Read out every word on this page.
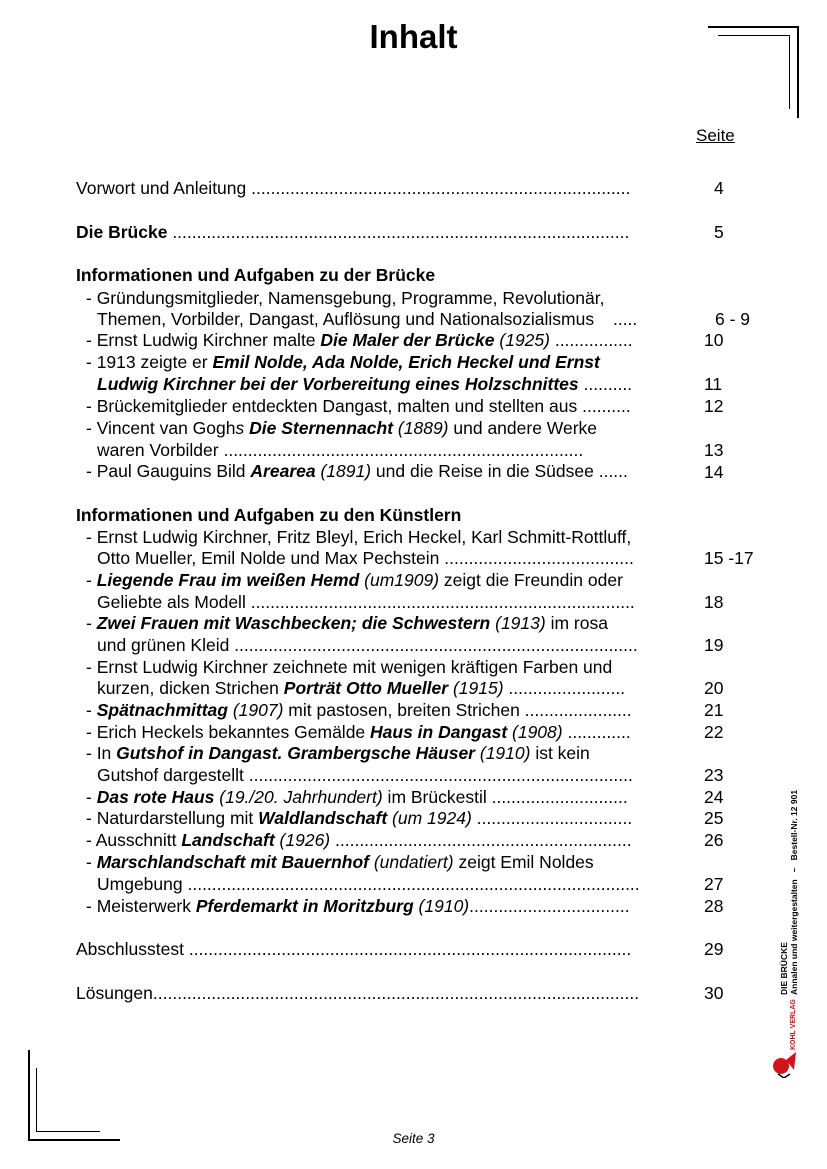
Inhalt
Seite
Vorwort und Anleitung ..............................................................................	4
Die Brücke ..............................................................................................	5
Informationen und Aufgaben zu der Brücke
- Gründungsmitglieder, Namensgebung, Programme, Revolutionär,
Themen, Vorbilder, Dangast, Auflösung und Nationalsozialismus .....	6 - 9
- Ernst Ludwig Kirchner malte Die Maler der Brücke (1925) ................	10
- 1913 zeigte er Emil Nolde, Ada Nolde, Erich Heckel und Ernst
Ludwig Kirchner bei der Vorbereitung eines Holzschnittes ..........	11
- Brückemitglieder entdeckten Dangast, malten und stellten aus ..........	12
- Vincent van Goghs Die Sternennacht (1889) und andere Werke
waren Vorbilder ..........................................................................	13
- Paul Gauguins Bild Arearea (1891) und die Reise in die Südsee ......	14
Informationen und Aufgaben zu den Künstlern
- Ernst Ludwig Kirchner, Fritz Bleyl, Erich Heckel, Karl Schmitt-Rottluff,
Otto Mueller, Emil Nolde und Max Pechstein .......................................	15 -17
- Liegende Frau im weißen Hemd (um1909) zeigt die Freundin oder
Geliebte als Modell ...............................................................................	18
- Zwei Frauen mit Waschbecken; die Schwestern (1913) im rosa
und grünen Kleid ...................................................................................	19
- Ernst Ludwig Kirchner zeichnete mit wenigen kräftigen Farben und
kurzen, dicken Strichen Porträt Otto Mueller (1915) ........................	20
- Spätnachmittag (1907) mit pastosen, breiten Strichen ......................	21
- Erich Heckels bekanntes Gemälde Haus in Dangast (1908) .............	22
- In Gutshof in Dangast. Grambergsche Häuser (1910) ist kein
Gutshof dargestellt ...............................................................................	23
- Das rote Haus (19./20. Jahrhundert) im Brückestil ............................	24
- Naturdarstellung mit Waldlandschaft (um 1924) ................................	25
- Ausschnitt Landschaft (1926) .............................................................	26
- Marschlandschaft mit Bauernhof (undatiert) zeigt Emil Noldes
Umgebung .............................................................................................	27
- Meisterwerk Pferdemarkt in Moritzburg (1910).................................	28
Abschlusstest ...........................................................................................	29
Lösungen....................................................................................................	30	DIE BRÜCKE Annalen und weitergestalten   –   Bestell-Nr. 12 901
KOHL VERLAG
Seite 3
